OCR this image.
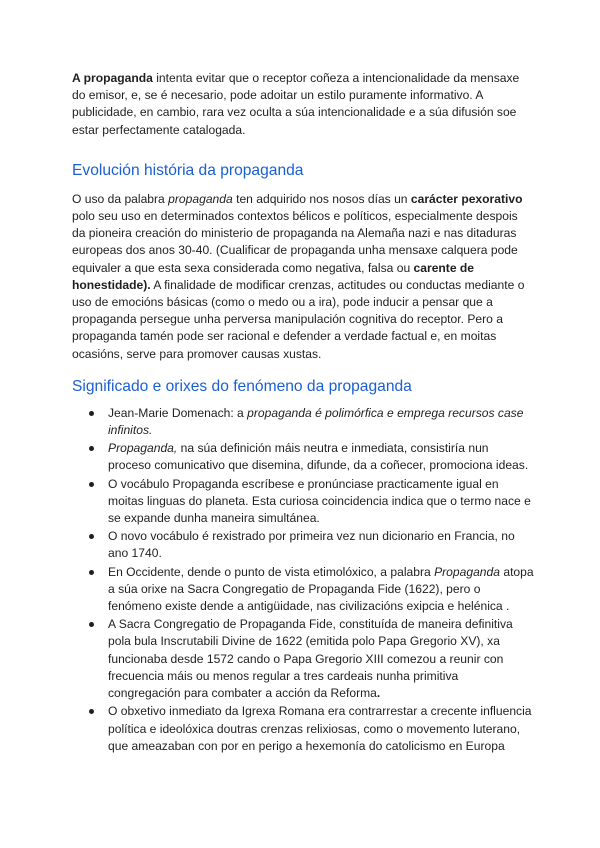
A propaganda intenta evitar que o receptor coñeza a intencionalidade da mensaxe do emisor, e, se é necesario, pode adoitar un estilo puramente informativo. A publicidade, en cambio, rara vez oculta a súa intencionalidade e a súa difusión soe estar perfectamente catalogada.

Evolución história da propaganda

O uso da palabra propaganda ten adquirido nos nosos días un carácter pexorativo polo seu uso en determinados contextos bélicos e políticos, especialmente despois da pioneira creación do ministerio de propaganda na Alemaña nazi e nas ditaduras europeas dos anos 30-40. (Cualificar de propaganda unha mensaxe calquera pode equivaler a que esta sexa considerada como negativa, falsa ou carente de honestidade). A finalidade de modificar crenzas, actitudes ou conductas mediante o uso de emocións básicas (como o medo ou a ira), pode inducir a pensar que a propaganda persegue unha perversa manipulación cognitiva do receptor. Pero a propaganda tamén pode ser racional e defender a verdade factual e, en moitas ocasións, serve para promover causas xustas.

Significado e orixes do fenómeno da propaganda
Jean-Marie Domenach: a propaganda é polimórfica e emprega recursos case infinitos.
Propaganda, na súa definición máis neutra e inmediata, consistiría nun proceso comunicativo que disemina, difunde, da a coñecer, promociona ideas.
O vocábulo Propaganda escríbese e pronúnciase practicamente igual en moitas linguas do planeta. Esta curiosa coincidencia indica que o termo nace e se expande dunha maneira simultánea.
O novo vocábulo é rexistrado por primeira vez nun dicionario en Francia, no ano 1740.
En Occidente, dende o punto de vista etimolóxico, a palabra Propaganda atopa a súa orixe na Sacra Congregatio de Propaganda Fide (1622), pero o fenómeno existe dende a antigüidade, nas civilizacións exipcia e helénica .
A Sacra Congregatio de Propaganda Fide, constituída de maneira definitiva pola bula Inscrutabili Divine de 1622 (emitida polo Papa Gregorio XV), xa funcionaba desde 1572 cando o Papa Gregorio XIII comezou a reunir con frecuencia máis ou menos regular a tres cardeais nunha primitiva congregación para combater a acción da Reforma.
O obxetivo inmediato da Igrexa Romana era contrarrestar a crecente influencia política e ideolóxica doutras crenzas relixiosas, como o movemento luterano, que ameazaban con por en perigo a hexemonía do catolicismo en Europa
